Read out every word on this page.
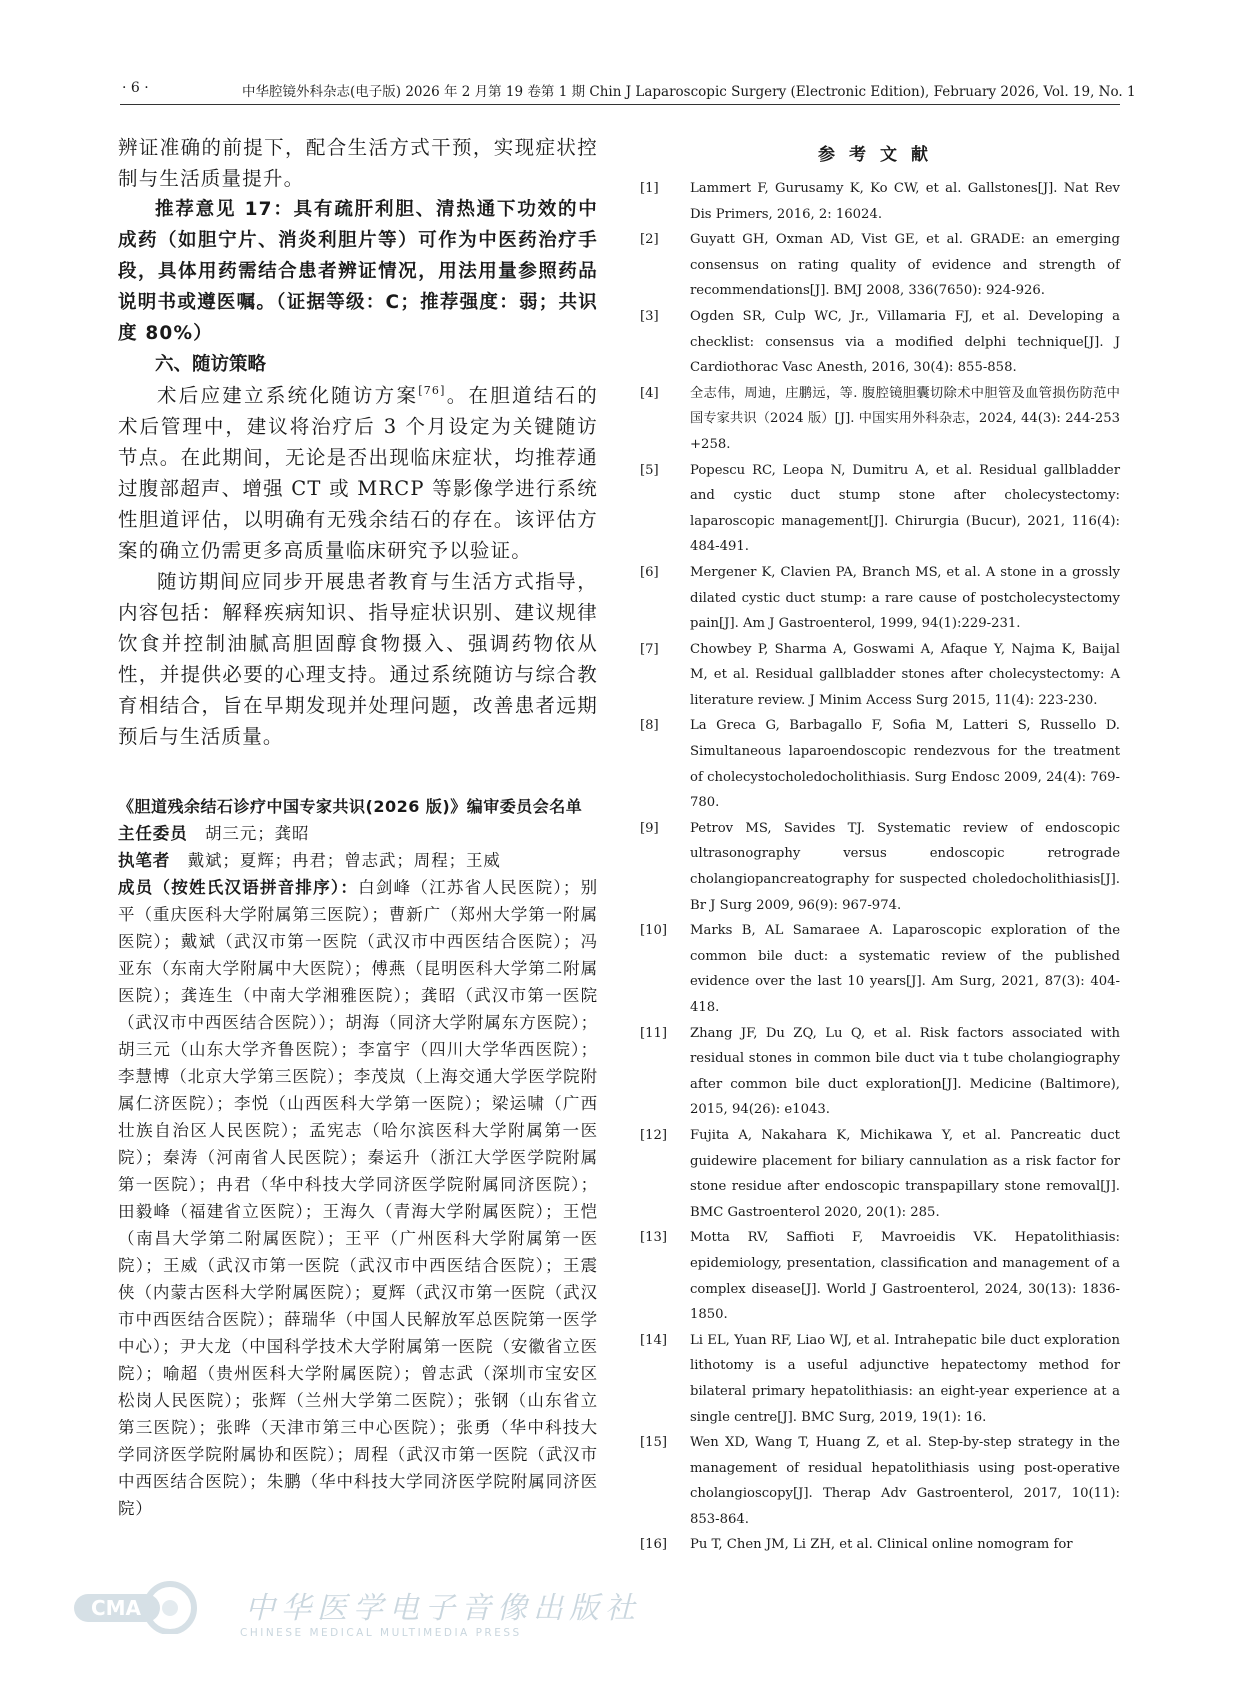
· 6 ·	中华腔镜外科杂志(电子版) 2026 年 2 月第 19 卷第 1 期 Chin J Laparoscopic Surgery (Electronic Edition), February 2026, Vol. 19, No. 1

辨证准确的前提下，配合生活方式干预，实现症状控制与生活质量提升。

推荐意见 17：具有疏肝利胆、清热通下功效的中成药（如胆宁片、消炎利胆片等）可作为中医药治疗手段，具体用药需结合患者辨证情况，用法用量参照药品说明书或遵医嘱。（证据等级：C；推荐强度：弱；共识度 80%）

六、随访策略

术后应建立系统化随访方案[76]。在胆道结石的术后管理中，建议将治疗后 3 个月设定为关键随访节点。在此期间，无论是否出现临床症状，均推荐通过腹部超声、增强 CT 或 MRCP 等影像学进行系统性胆道评估，以明确有无残余结石的存在。该评估方案的确立仍需更多高质量临床研究予以验证。

随访期间应同步开展患者教育与生活方式指导，内容包括：解释疾病知识、指导症状识别、建议规律饮食并控制油腻高胆固醇食物摄入、强调药物依从性，并提供必要的心理支持。通过系统随访与综合教育相结合，旨在早期发现并处理问题，改善患者远期预后与生活质量。

《胆道残余结石诊疗中国专家共识(2026 版)》编审委员会名单

主任委员　 胡三元；龚昭

执笔者　 戴斌；夏辉；冉君；曾志武；周程；王威

成员（按姓氏汉语拼音排序）：白剑峰（江苏省人民医院）；别平（重庆医科大学附属第三医院）；曹新广（郑州大学第一附属医院）；戴斌（武汉市第一医院（武汉市中西医结合医院）；冯亚东（东南大学附属中大医院）；傅燕（昆明医科大学第二附属医院）；龚连生（中南大学湘雅医院）；龚昭（武汉市第一医院（武汉市中西医结合医院））；胡海（同济大学附属东方医院）；胡三元（山东大学齐鲁医院）；李富宇（四川大学华西医院）；李慧博（北京大学第三医院）；李茂岚（上海交通大学医学院附属仁济医院）；李悦（山西医科大学第一医院）；梁运啸（广西壮族自治区人民医院）；孟宪志（哈尔滨医科大学附属第一医院）；秦涛（河南省人民医院）；秦运升（浙江大学医学院附属第一医院）；冉君（华中科技大学同济医学院附属同济医院）；田毅峰（福建省立医院）；王海久（青海大学附属医院）；王恺（南昌大学第二附属医院）；王平（广州医科大学附属第一医院）；王威（武汉市第一医院（武汉市中西医结合医院）；王震侠（内蒙古医科大学附属医院）；夏辉（武汉市第一医院（武汉市中西医结合医院）；薛瑞华（中国人民解放军总医院第一医学中心）；尹大龙（中国科学技术大学附属第一医院（安徽省立医院）；喻超（贵州医科大学附属医院）；曾志武（深圳市宝安区松岗人民医院）；张辉（兰州大学第二医院）；张钢（山东省立第三医院）；张晔（天津市第三中心医院）；张勇（华中科技大学同济医学院附属协和医院）；周程（武汉市第一医院（武汉市中西医结合医院）；朱鹏（华中科技大学同济医学院附属同济医院）

参考文献
[1]	Lammert F, Gurusamy K, Ko CW, et al. Gallstones[J]. Nat Rev Dis Primers, 2016, 2: 16024.
[2]	Guyatt GH, Oxman AD, Vist GE, et al. GRADE: an emerging consensus on rating quality of evidence and strength of recommendations[J]. BMJ 2008, 336(7650): 924-926.
[3]	Ogden SR, Culp WC, Jr., Villamaria FJ, et al. Developing a checklist: consensus via a modified delphi technique[J]. J Cardiothorac Vasc Anesth, 2016, 30(4): 855-858.
[4]	全志伟，周迪，庄鹏远，等. 腹腔镜胆囊切除术中胆管及血管损伤防范中国专家共识（2024 版）[J]. 中国实用外科杂志，2024, 44(3): 244-253 +258.
[5]	Popescu RC, Leopa N, Dumitru A, et al. Residual gallbladder and cystic duct stump stone after cholecystectomy: laparoscopic management[J]. Chirurgia (Bucur), 2021, 116(4): 484-491.
[6]	Mergener K, Clavien PA, Branch MS, et al. A stone in a grossly dilated cystic duct stump: a rare cause of postcholecystectomy pain[J]. Am J Gastroenterol, 1999, 94(1):229-231.
[7]	Chowbey P, Sharma A, Goswami A, Afaque Y, Najma K, Baijal M, et al. Residual gallbladder stones after cholecystectomy: A literature review. J Minim Access Surg 2015, 11(4): 223-230.
[8]	La Greca G, Barbagallo F, Sofia M, Latteri S, Russello D. Simultaneous laparoendoscopic rendezvous for the treatment of cholecystocholedocholithiasis. Surg Endosc 2009, 24(4): 769-780.
[9]	Petrov MS, Savides TJ. Systematic review of endoscopic ultrasonography versus endoscopic retrograde cholangiopancreatography for suspected choledocholithiasis[J]. Br J Surg 2009, 96(9): 967-974.
[10]	Marks B, AL Samaraee A. Laparoscopic exploration of the common bile duct: a systematic review of the published evidence over the last 10 years[J]. Am Surg, 2021, 87(3): 404-418.
[11]	Zhang JF, Du ZQ, Lu Q, et al. Risk factors associated with residual stones in common bile duct via t tube cholangiography after common bile duct exploration[J]. Medicine (Baltimore), 2015, 94(26): e1043.
[12]	Fujita A, Nakahara K, Michikawa Y, et al. Pancreatic duct guidewire placement for biliary cannulation as a risk factor for stone residue after endoscopic transpapillary stone removal[J]. BMC Gastroenterol 2020, 20(1): 285.
[13]	Motta RV, Saffioti F, Mavroeidis VK. Hepatolithiasis: epidemiology, presentation, classification and management of a complex disease[J]. World J Gastroenterol, 2024, 30(13): 1836-1850.
[14]	Li EL, Yuan RF, Liao WJ, et al. Intrahepatic bile duct exploration lithotomy is a useful adjunctive hepatectomy method for bilateral primary hepatolithiasis: an eight-year experience at a single centre[J]. BMC Surg, 2019, 19(1): 16.
[15]	Wen XD, Wang T, Huang Z, et al. Step-by-step strategy in the management of residual hepatolithiasis using post-operative cholangioscopy[J]. Therap Adv Gastroenterol, 2017, 10(11): 853-864.
[16]	Pu T, Chen JM, Li ZH, et al. Clinical online nomogram for
CMA	中华医学电子音像出版社
CHINESE MEDICAL MULTIMEDIA PRESS
